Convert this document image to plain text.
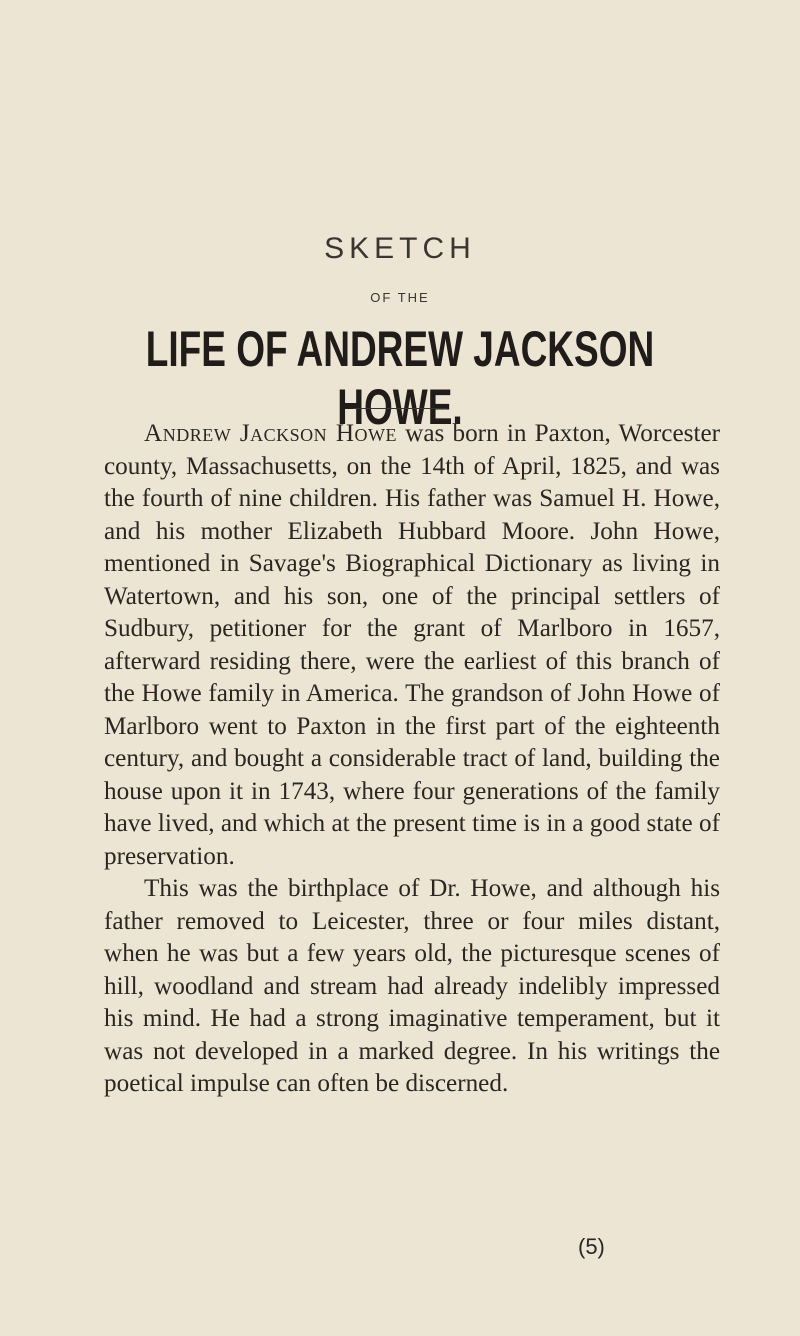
SKETCH
OF THE
LIFE OF ANDREW JACKSON HOWE.

Andrew Jackson Howe was born in Paxton, Worcester county, Massachusetts, on the 14th of April, 1825, and was the fourth of nine children. His father was Samuel H. Howe, and his mother Elizabeth Hubbard Moore. John Howe, mentioned in Savage's Biographical Dictionary as living in Watertown, and his son, one of the principal settlers of Sudbury, petitioner for the grant of Marlboro in 1657, afterward residing there, were the earliest of this branch of the Howe family in America. The grandson of John Howe of Marlboro went to Paxton in the first part of the eighteenth century, and bought a considerable tract of land, building the house upon it in 1743, where four generations of the family have lived, and which at the present time is in a good state of preservation.

This was the birthplace of Dr. Howe, and although his father removed to Leicester, three or four miles distant, when he was but a few years old, the picturesque scenes of hill, woodland and stream had already indelibly impressed his mind. He had a strong imaginative temperament, but it was not developed in a marked degree. In his writings the poetical impulse can often be discerned.

(5)
